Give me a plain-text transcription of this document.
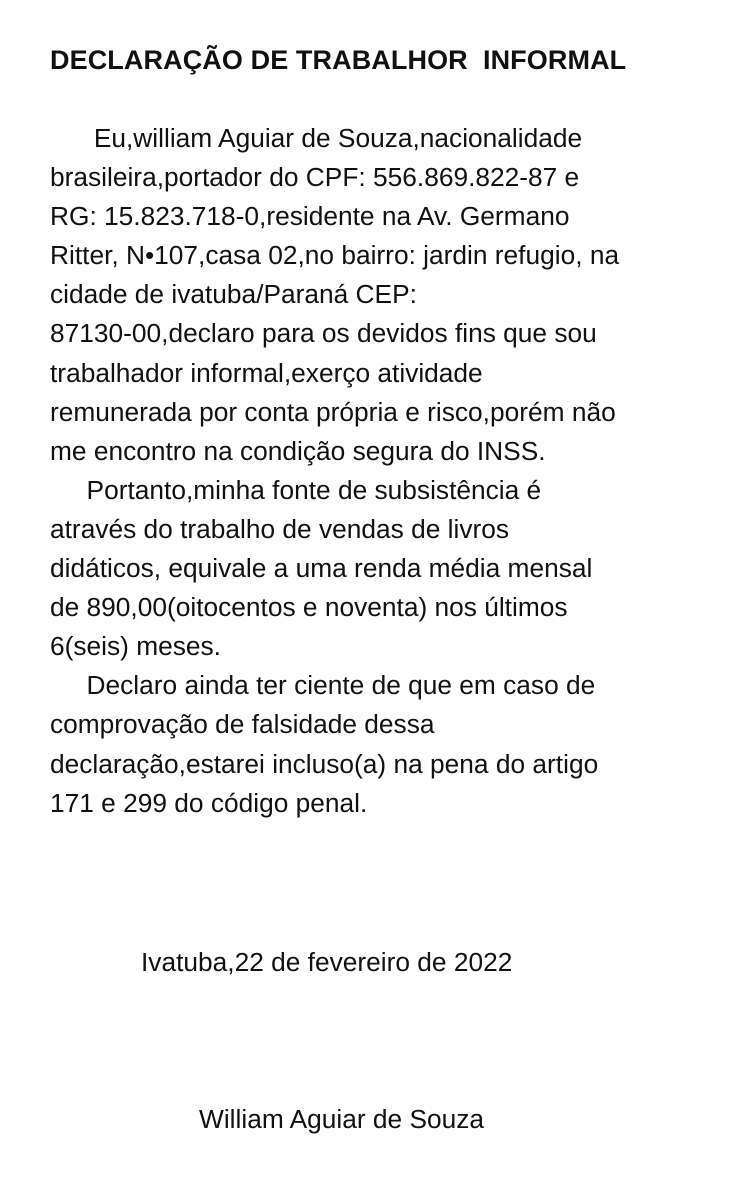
DECLARAÇÃO DE TRABALHOR  INFORMAL
Eu,william Aguiar de Souza,nacionalidade
brasileira,portador do CPF: 556.869.822-87 e
RG: 15.823.718-0,residente na Av. Germano
Ritter, N•107,casa 02,no bairro: jardin refugio, na
cidade de ivatuba/Paraná CEP:
87130-00,declaro para os devidos fins que sou
trabalhador informal,exerço atividade
remunerada por conta própria e risco,porém não
me encontro na condição segura do INSS.
Portanto,minha fonte de subsistência é
através do trabalho de vendas de livros
didáticos, equivale a uma renda média mensal
de 890,00(oitocentos e noventa) nos últimos
6(seis) meses.
Declaro ainda ter ciente de que em caso de
comprovação de falsidade dessa
declaração,estarei incluso(a) na pena do artigo
171 e 299 do código penal.
Ivatuba,22 de fevereiro de 2022
William Aguiar de Souza
